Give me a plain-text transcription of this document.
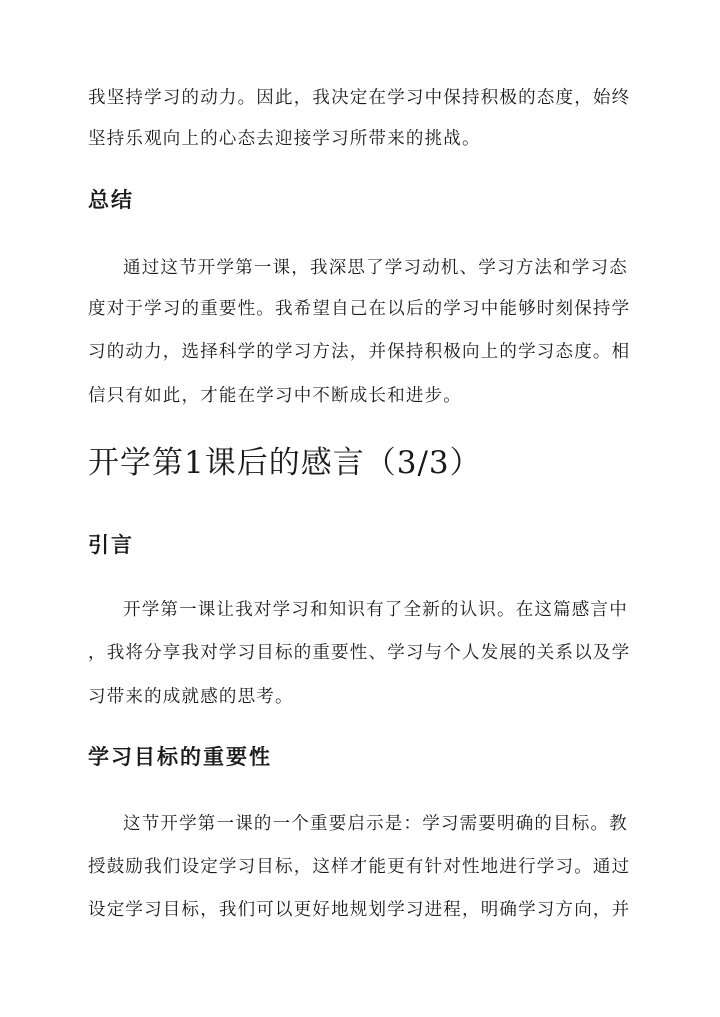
我坚持学习的动力。因此，我决定在学习中保持积极的态度，始终
坚持乐观向上的心态去迎接学习所带来的挑战。
总结
通过这节开学第一课，我深思了学习动机、学习方法和学习态
度对于学习的重要性。我希望自己在以后的学习中能够时刻保持学
习的动力，选择科学的学习方法，并保持积极向上的学习态度。相
信只有如此，才能在学习中不断成长和进步。
开学第1课后的感言（3/3）
引言
开学第一课让我对学习和知识有了全新的认识。在这篇感言中
，我将分享我对学习目标的重要性、学习与个人发展的关系以及学
习带来的成就感的思考。
学习目标的重要性
这节开学第一课的一个重要启示是：学习需要明确的目标。教
授鼓励我们设定学习目标，这样才能更有针对性地进行学习。通过
设定学习目标，我们可以更好地规划学习进程，明确学习方向，并
